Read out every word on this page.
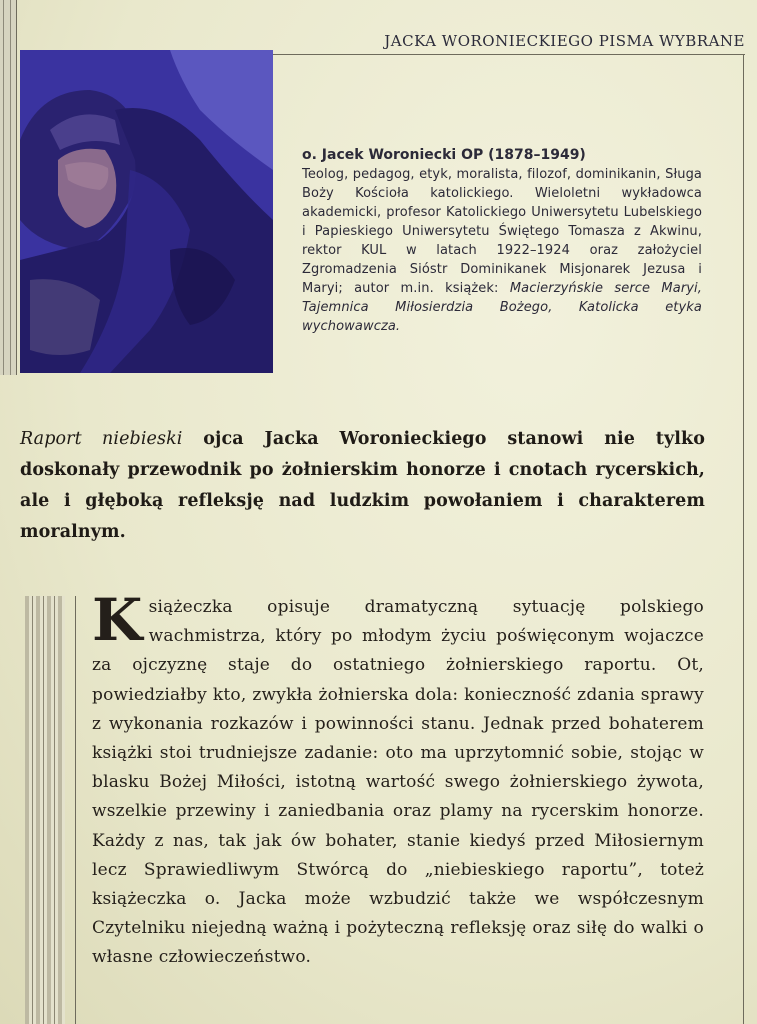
JACKA WORONIECKIEGO PISMA WYBRANE
o. Jacek Woroniecki OP (1878–1949)
Teolog, pedagog, etyk, moralista, filozof, dominikanin, Sługa Boży Kościoła katolickiego. Wieloletni wykładowca akademicki, profesor Katolickiego Uniwersytetu Lubelskiego i Papieskiego Uniwersytetu Świętego Tomasza z Akwinu, rektor KUL w latach 1922–1924 oraz założyciel Zgromadzenia Sióstr Dominikanek Misjonarek Jezusa i Maryi; autor m.in. książek: Macierzyńskie serce Maryi, Tajemnica Miłosierdzia Bożego, Katolicka etyka wychowawcza.
Raport niebieski ojca Jacka Woronieckiego stanowi nie tylko doskonały przewodnik po żołnierskim honorze i cnotach rycerskich, ale i głęboką refleksję nad ludzkim powołaniem i charakterem moralnym.
Książeczka opisuje dramatyczną sytuację polskiego wachmistrza, który po młodym życiu poświęconym wojaczce za ojczyznę staje do ostatniego żołnierskiego raportu. Ot, powiedziałby kto, zwykła żołnierska dola: konieczność zdania sprawy z wykonania rozkazów i powinności stanu. Jednak przed bohaterem książki stoi trudniejsze zadanie: oto ma uprzytomnić sobie, stojąc w blasku Bożej Miłości, istotną wartość swego żołnierskiego żywota, wszelkie przewiny i zaniedbania oraz plamy na rycerskim honorze. Każdy z nas, tak jak ów bohater, stanie kiedyś przed Miłosiernym lecz Sprawiedliwym Stwórcą do „niebieskiego raportu”, toteż książeczka o. Jacka może wzbudzić także we współczesnym Czytelniku niejedną ważną i pożyteczną refleksję oraz siłę do walki o własne człowieczeństwo.
